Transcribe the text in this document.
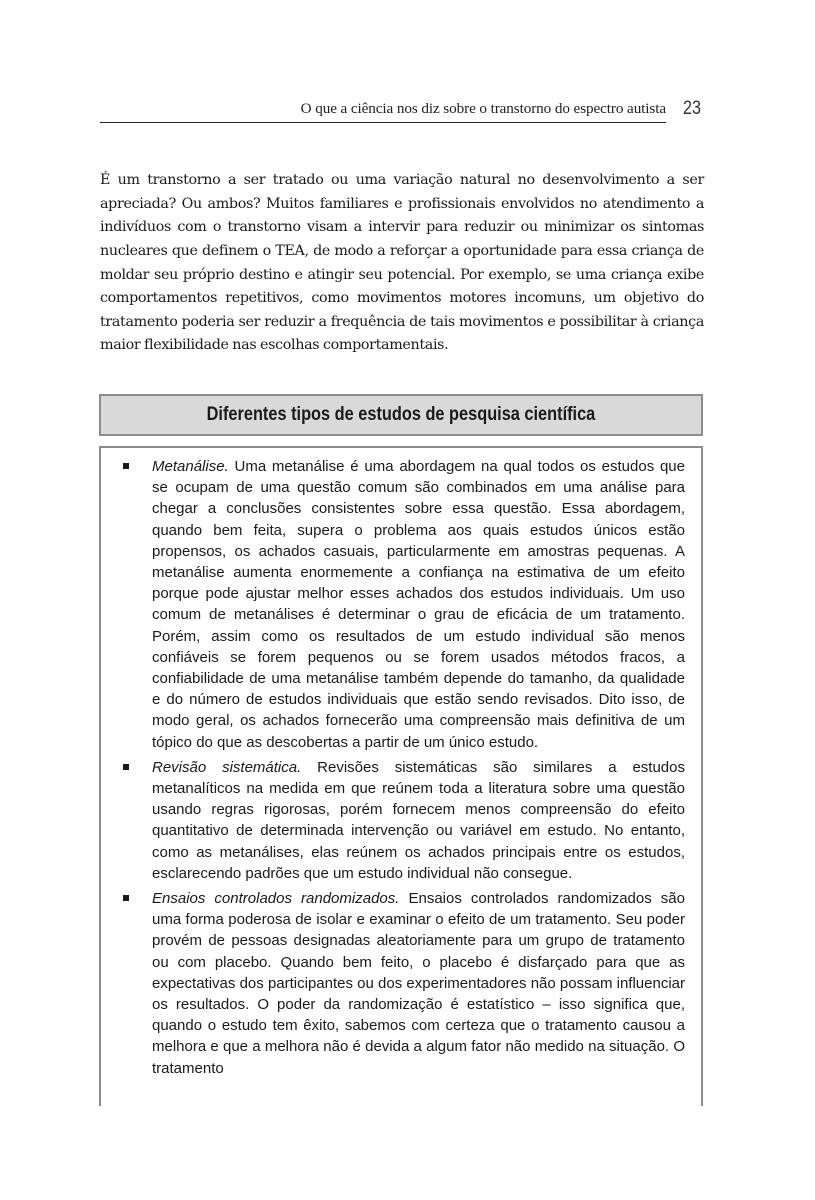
O que a ciência nos diz sobre o transtorno do espectro autista 23

É um transtorno a ser tratado ou uma variação natural no desenvolvimento a ser apreciada? Ou ambos? Muitos familiares e profissionais envolvidos no atendimento a indivíduos com o transtorno visam a intervir para reduzir ou minimizar os sintomas nucleares que definem o TEA, de modo a reforçar a oportunidade para essa criança de moldar seu próprio destino e atingir seu potencial. Por exemplo, se uma criança exibe comportamentos repetitivos, como movimentos motores incomuns, um objetivo do tratamento poderia ser reduzir a frequência de tais movimentos e possibilitar à criança maior flexibilidade nas escolhas comportamentais.

Diferentes tipos de estudos de pesquisa científica
Metanálise. Uma metanálise é uma abordagem na qual todos os estudos que se ocupam de uma questão comum são combinados em uma análise para chegar a conclusões consistentes sobre essa questão. Essa abordagem, quando bem feita, supera o problema aos quais estudos únicos estão propensos, os achados casuais, particularmente em amostras pequenas. A metanálise aumenta enormemente a confiança na estimativa de um efeito porque pode ajustar melhor esses achados dos estudos individuais. Um uso comum de metanálises é determinar o grau de eficácia de um tratamento. Porém, assim como os resultados de um estudo individual são menos confiáveis se forem pequenos ou se forem usados métodos fracos, a confiabilidade de uma metanálise também depende do tamanho, da qualidade e do número de estudos individuais que estão sendo revisados. Dito isso, de modo geral, os achados fornecerão uma compreensão mais definitiva de um tópico do que as descobertas a partir de um único estudo.
Revisão sistemática. Revisões sistemáticas são similares a estudos metanalíticos na medida em que reúnem toda a literatura sobre uma questão usando regras rigorosas, porém fornecem menos compreensão do efeito quantitativo de determinada intervenção ou variável em estudo. No entanto, como as metanálises, elas reúnem os achados principais entre os estudos, esclarecendo padrões que um estudo individual não consegue.
Ensaios controlados randomizados. Ensaios controlados randomizados são uma forma poderosa de isolar e examinar o efeito de um tratamento. Seu poder provém de pessoas designadas aleatoriamente para um grupo de tratamento ou com placebo. Quando bem feito, o placebo é disfarçado para que as expectativas dos participantes ou dos experimentadores não possam influenciar os resultados. O poder da randomização é estatístico – isso significa que, quando o estudo tem êxito, sabemos com certeza que o tratamento causou a melhora e que a melhora não é devida a algum fator não medido na situação. O tratamento
